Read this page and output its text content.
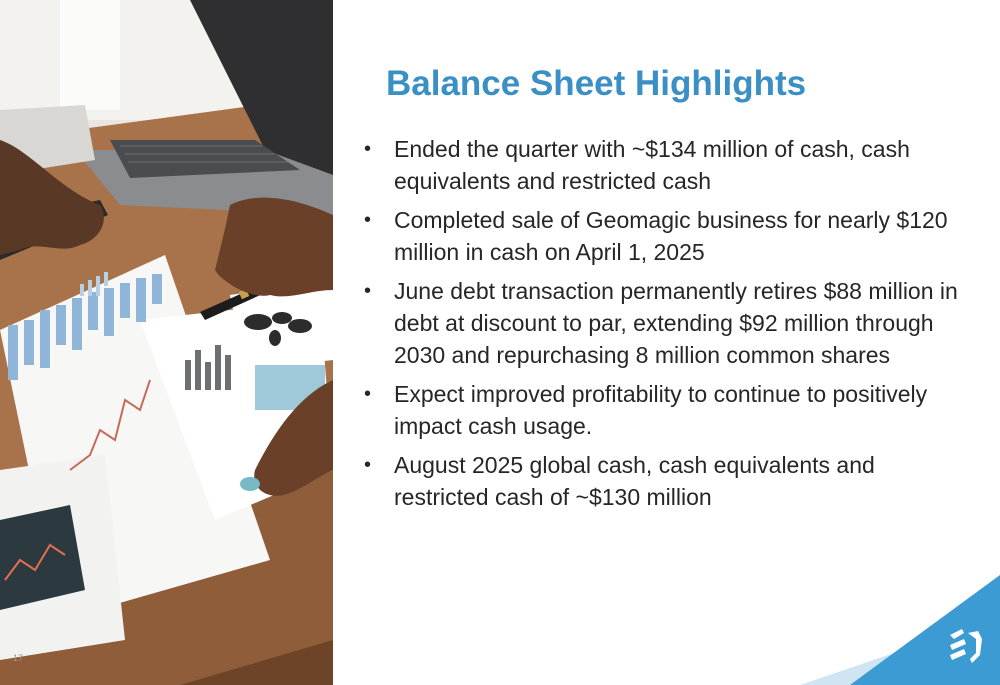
Balance Sheet Highlights
• Ended the quarter with ~$134 million of cash, cash equivalents and restricted cash
• Completed sale of Geomagic business for nearly $120 million in cash on April 1, 2025
• June debt transaction permanently retires $88 million in debt at discount to par, extending $92 million through 2030 and repurchasing 8 million common shares
• Expect improved profitability to continue to positively impact cash usage.
• August 2025 global cash, cash equivalents and restricted cash of ~$130 million
17
